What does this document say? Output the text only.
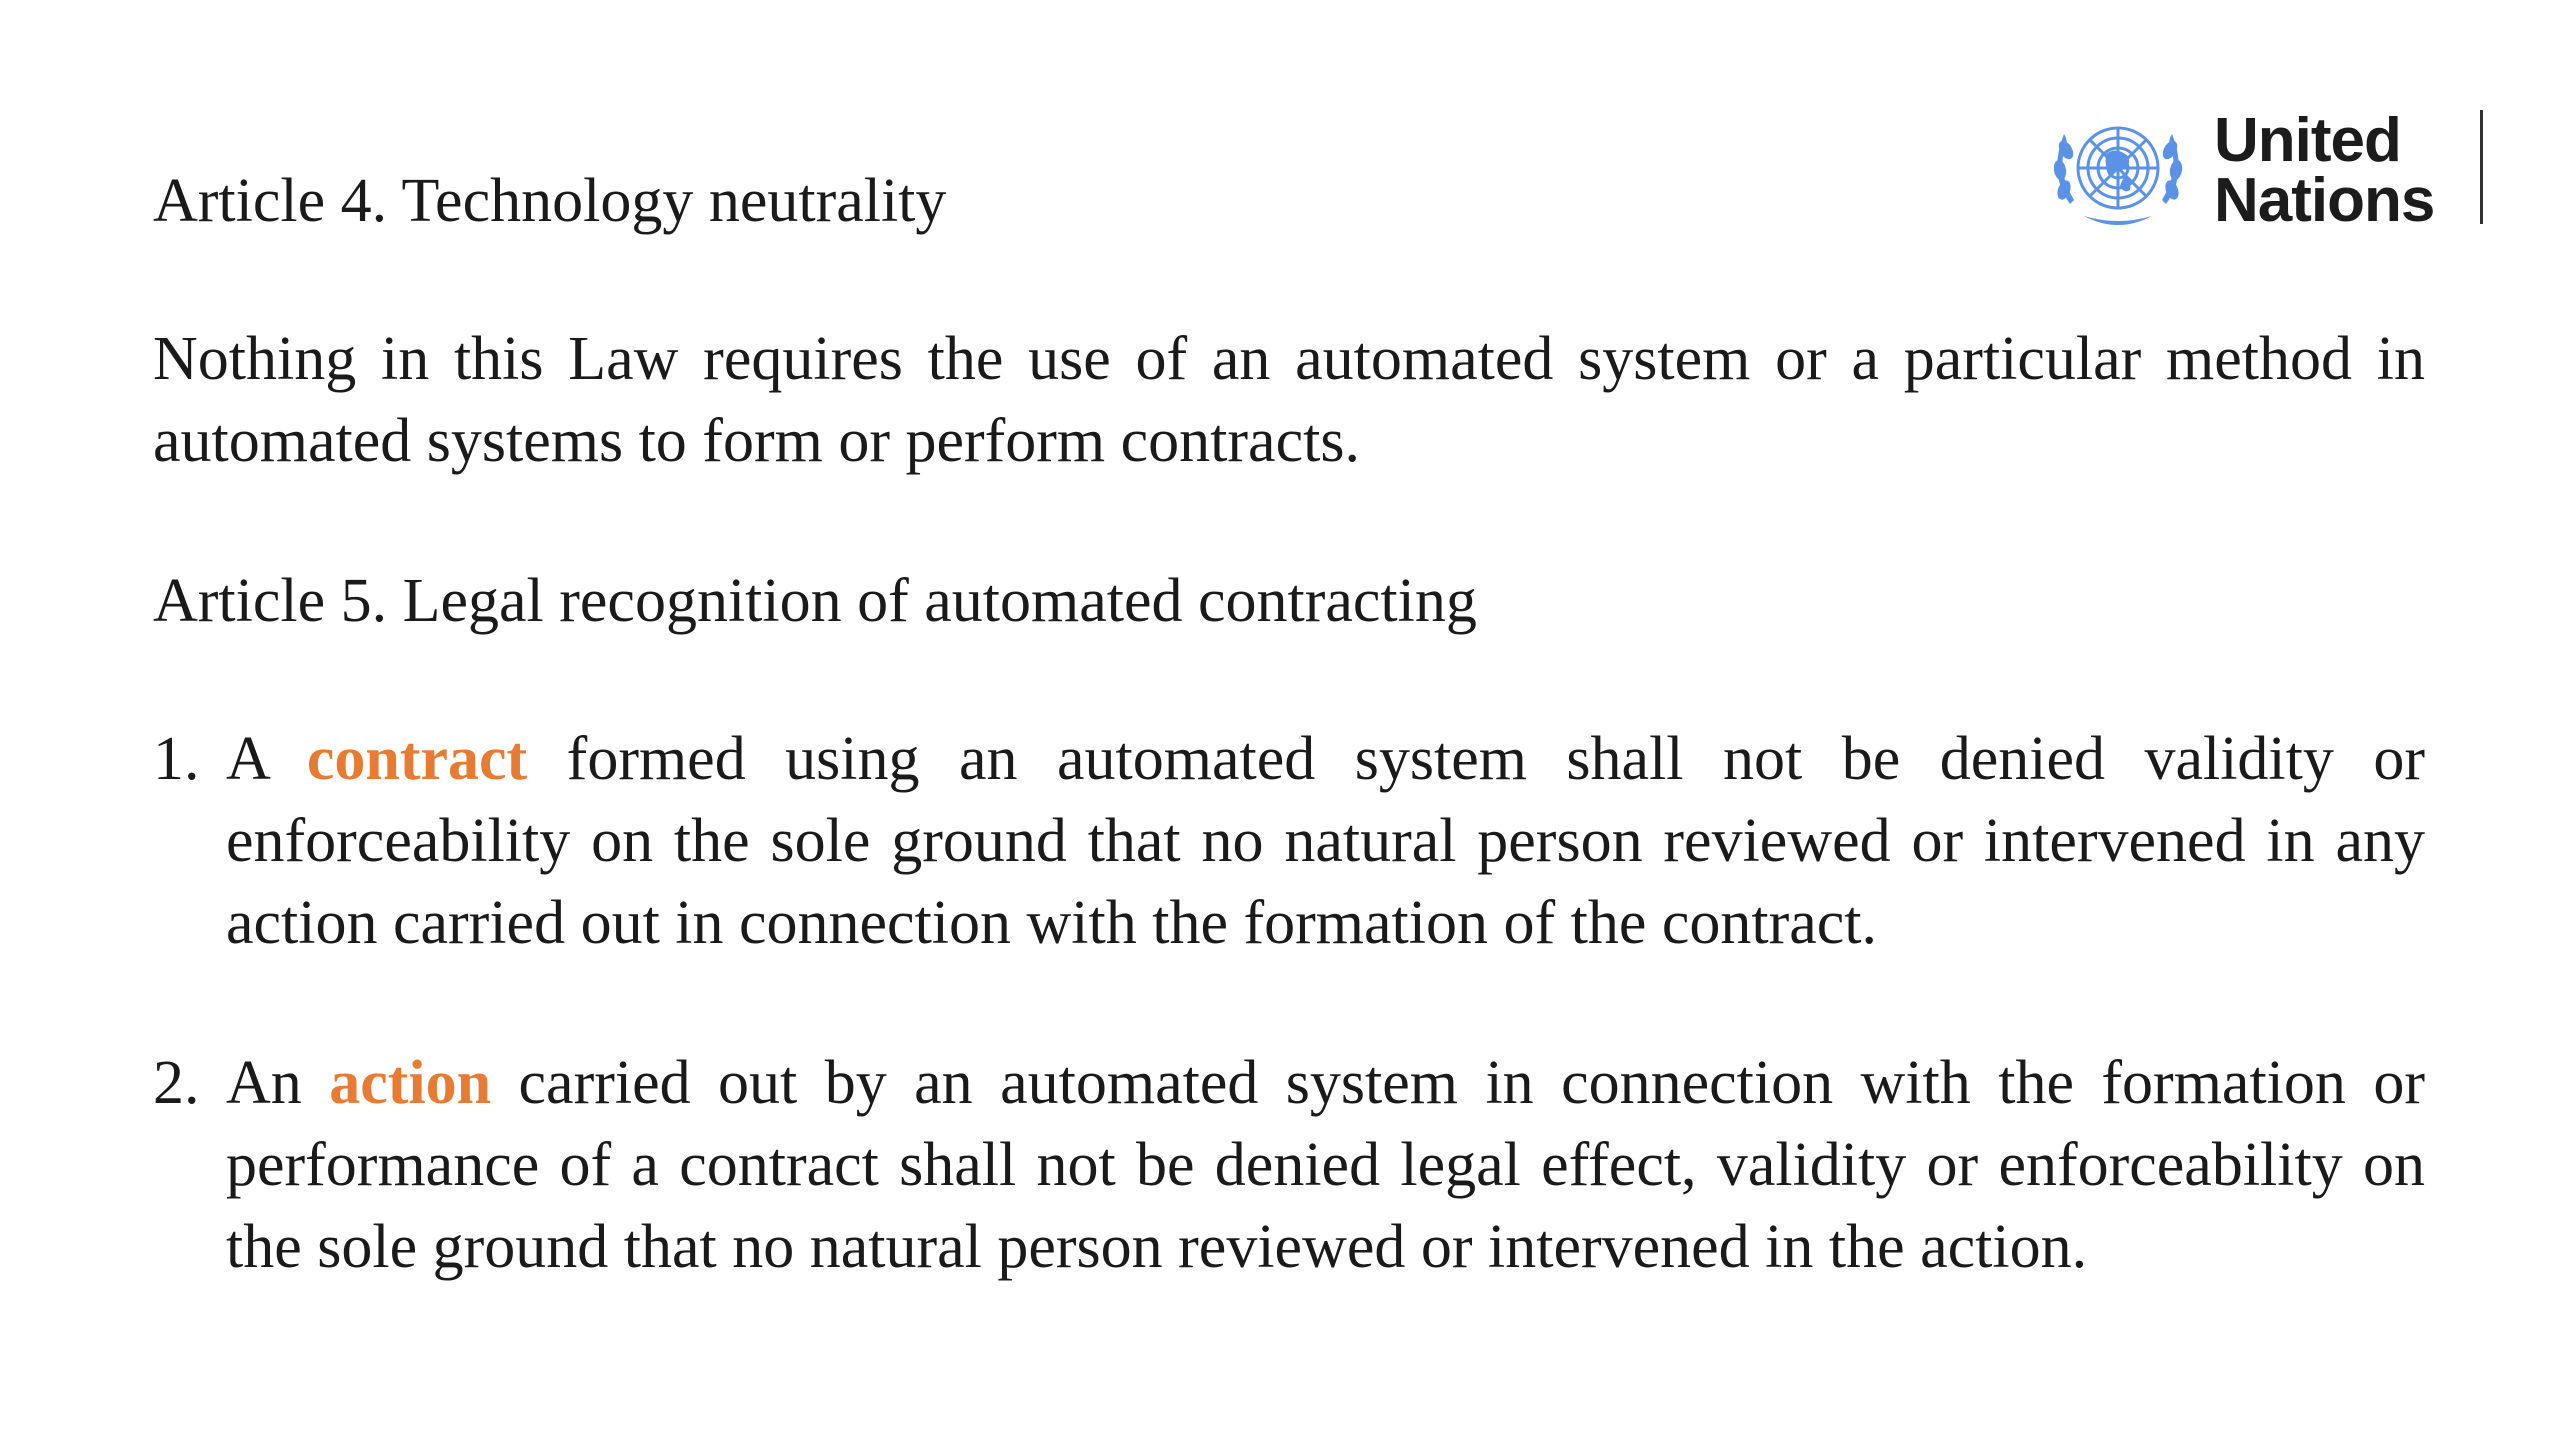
United
Nations
Article 4. Technology neutrality

Nothing in this Law requires the use of an automated system or a particular method in automated systems to form or perform contracts.

Article 5. Legal recognition of automated contracting
1. A contract formed using an automated system shall not be denied validity or enforceability on the sole ground that no natural person reviewed or intervened in any action carried out in connection with the formation of the contract.
2. An action carried out by an automated system in connection with the formation or performance of a contract shall not be denied legal effect, validity or enforceability on the sole ground that no natural person reviewed or intervened in the action.
